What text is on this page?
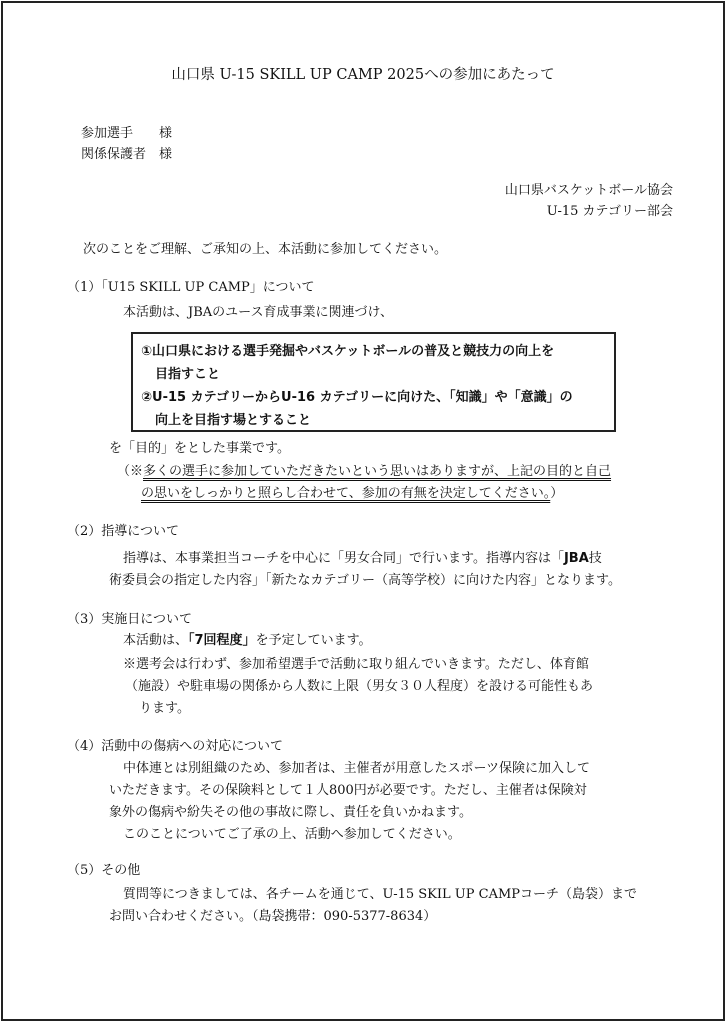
山口県 U-15 SKILL UP CAMP 2025への参加にあたって
参加選手　　様
関係保護者　様
山口県バスケットボール協会
U-15 カテゴリー部会
次のことをご理解、ご承知の上、本活動に参加してください。
（1）「U15 SKILL UP CAMP」について
本活動は、JBAのユース育成事業に関連づけ、
①山口県における選手発掘やバスケットボールの普及と競技力の向上を
目指すこと
②U-15 カテゴリーからU-16 カテゴリーに向けた、「知識」や「意識」の
向上を目指す場とすること
を「目的」をとした事業です。
（※多くの選手に参加していただきたいという思いはありますが、上記の目的と自己
の思いをしっかりと照らし合わせて、参加の有無を決定してください。）
（2）指導について
指導は、本事業担当コーチを中心に「男女合同」で行います。指導内容は「JBA技
術委員会の指定した内容」「新たなカテゴリー（高等学校）に向けた内容」となります。
（3）実施日について
本活動は、「7回程度」を予定しています。
※選考会は行わず、参加希望選手で活動に取り組んでいきます。ただし、体育館
（施設）や駐車場の関係から人数に上限（男女３０人程度）を設ける可能性もあ
ります。
（4）活動中の傷病への対応について
中体連とは別組織のため、参加者は、主催者が用意したスポーツ保険に加入して
いただきます。その保険料として１人800円が必要です。ただし、主催者は保険対
象外の傷病や紛失その他の事故に際し、責任を負いかねます。
このことについてご了承の上、活動へ参加してください。
（5）その他
質問等につきましては、各チームを通じて、U-15 SKIL UP CAMPコーチ（島袋）まで
お問い合わせください。（島袋携帯：090-5377-8634）
